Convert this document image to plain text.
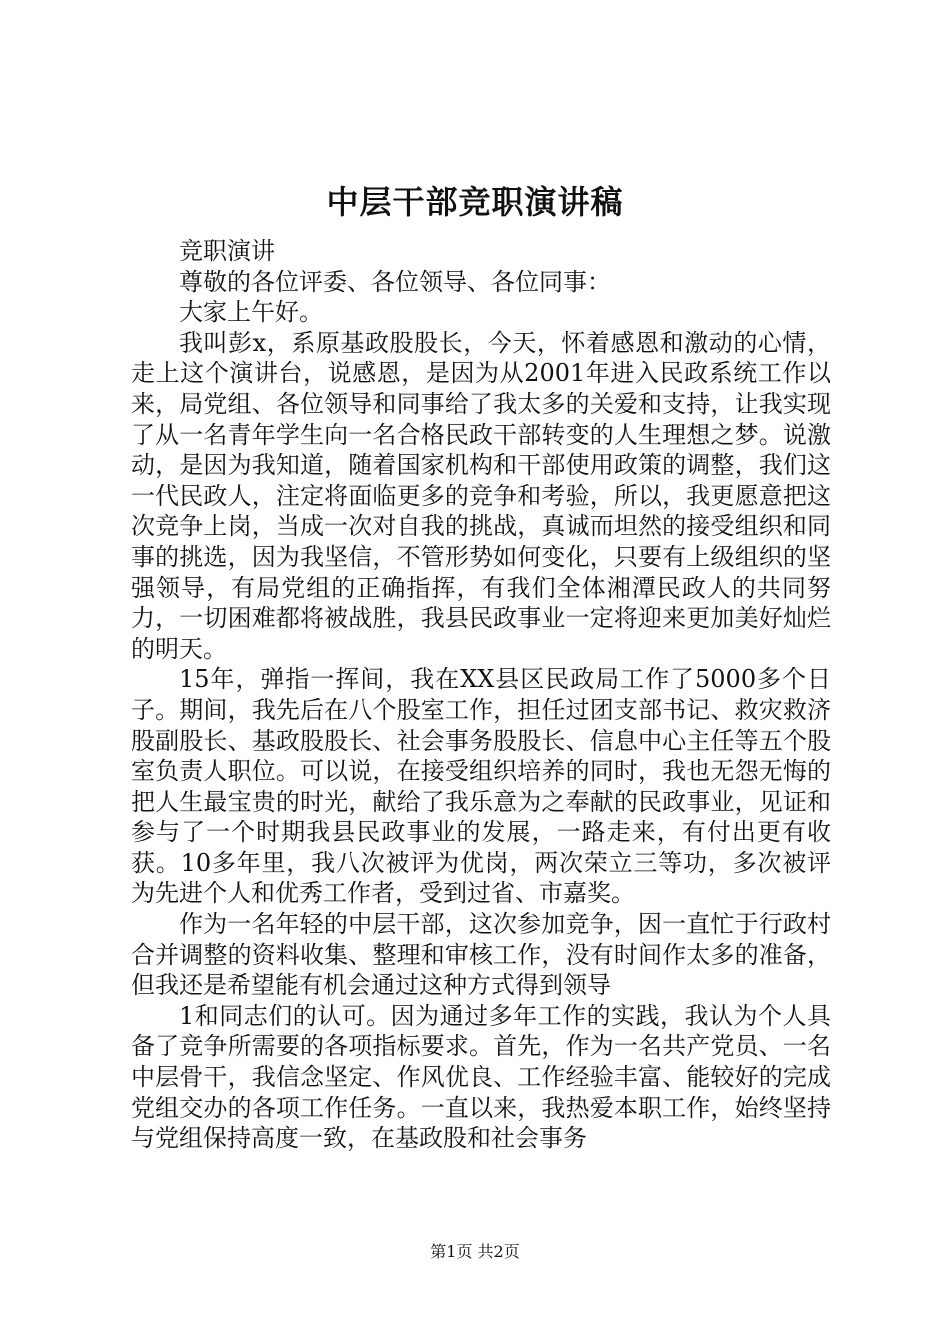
中层干部竞职演讲稿

竞职演讲

尊敬的各位评委、各位领导、各位同事：

大家上午好。

我叫彭x，系原基政股股长，今天，怀着感恩和激动的心情，走上这个演讲台，说感恩，是因为从2001年进入民政系统工作以来，局党组、各位领导和同事给了我太多的关爱和支持，让我实现了从一名青年学生向一名合格民政干部转变的人生理想之梦。说激动，是因为我知道，随着国家机构和干部使用政策的调整，我们这一代民政人，注定将面临更多的竞争和考验，所以，我更愿意把这次竞争上岗，当成一次对自我的挑战，真诚而坦然的接受组织和同事的挑选，因为我坚信，不管形势如何变化，只要有上级组织的坚强领导，有局党组的正确指挥，有我们全体湘潭民政人的共同努力，一切困难都将被战胜，我县民政事业一定将迎来更加美好灿烂的明天。

15年，弹指一挥间，我在XX县区民政局工作了5000多个日子。期间，我先后在八个股室工作，担任过团支部书记、救灾救济股副股长、基政股股长、社会事务股股长、信息中心主任等五个股室负责人职位。可以说，在接受组织培养的同时，我也无怨无悔的把人生最宝贵的时光，献给了我乐意为之奉献的民政事业，见证和参与了一个时期我县民政事业的发展，一路走来，有付出更有收获。10多年里，我八次被评为优岗，两次荣立三等功，多次被评为先进个人和优秀工作者，受到过省、市嘉奖。

作为一名年轻的中层干部，这次参加竞争，因一直忙于行政村合并调整的资料收集、整理和审核工作，没有时间作太多的准备，但我还是希望能有机会通过这种方式得到领导

1和同志们的认可。因为通过多年工作的实践，我认为个人具备了竞争所需要的各项指标要求。首先，作为一名共产党员、一名中层骨干，我信念坚定、作风优良、工作经验丰富、能较好的完成党组交办的各项工作任务。一直以来，我热爱本职工作，始终坚持与党组保持高度一致，在基政股和社会事务

第1页 共2页
